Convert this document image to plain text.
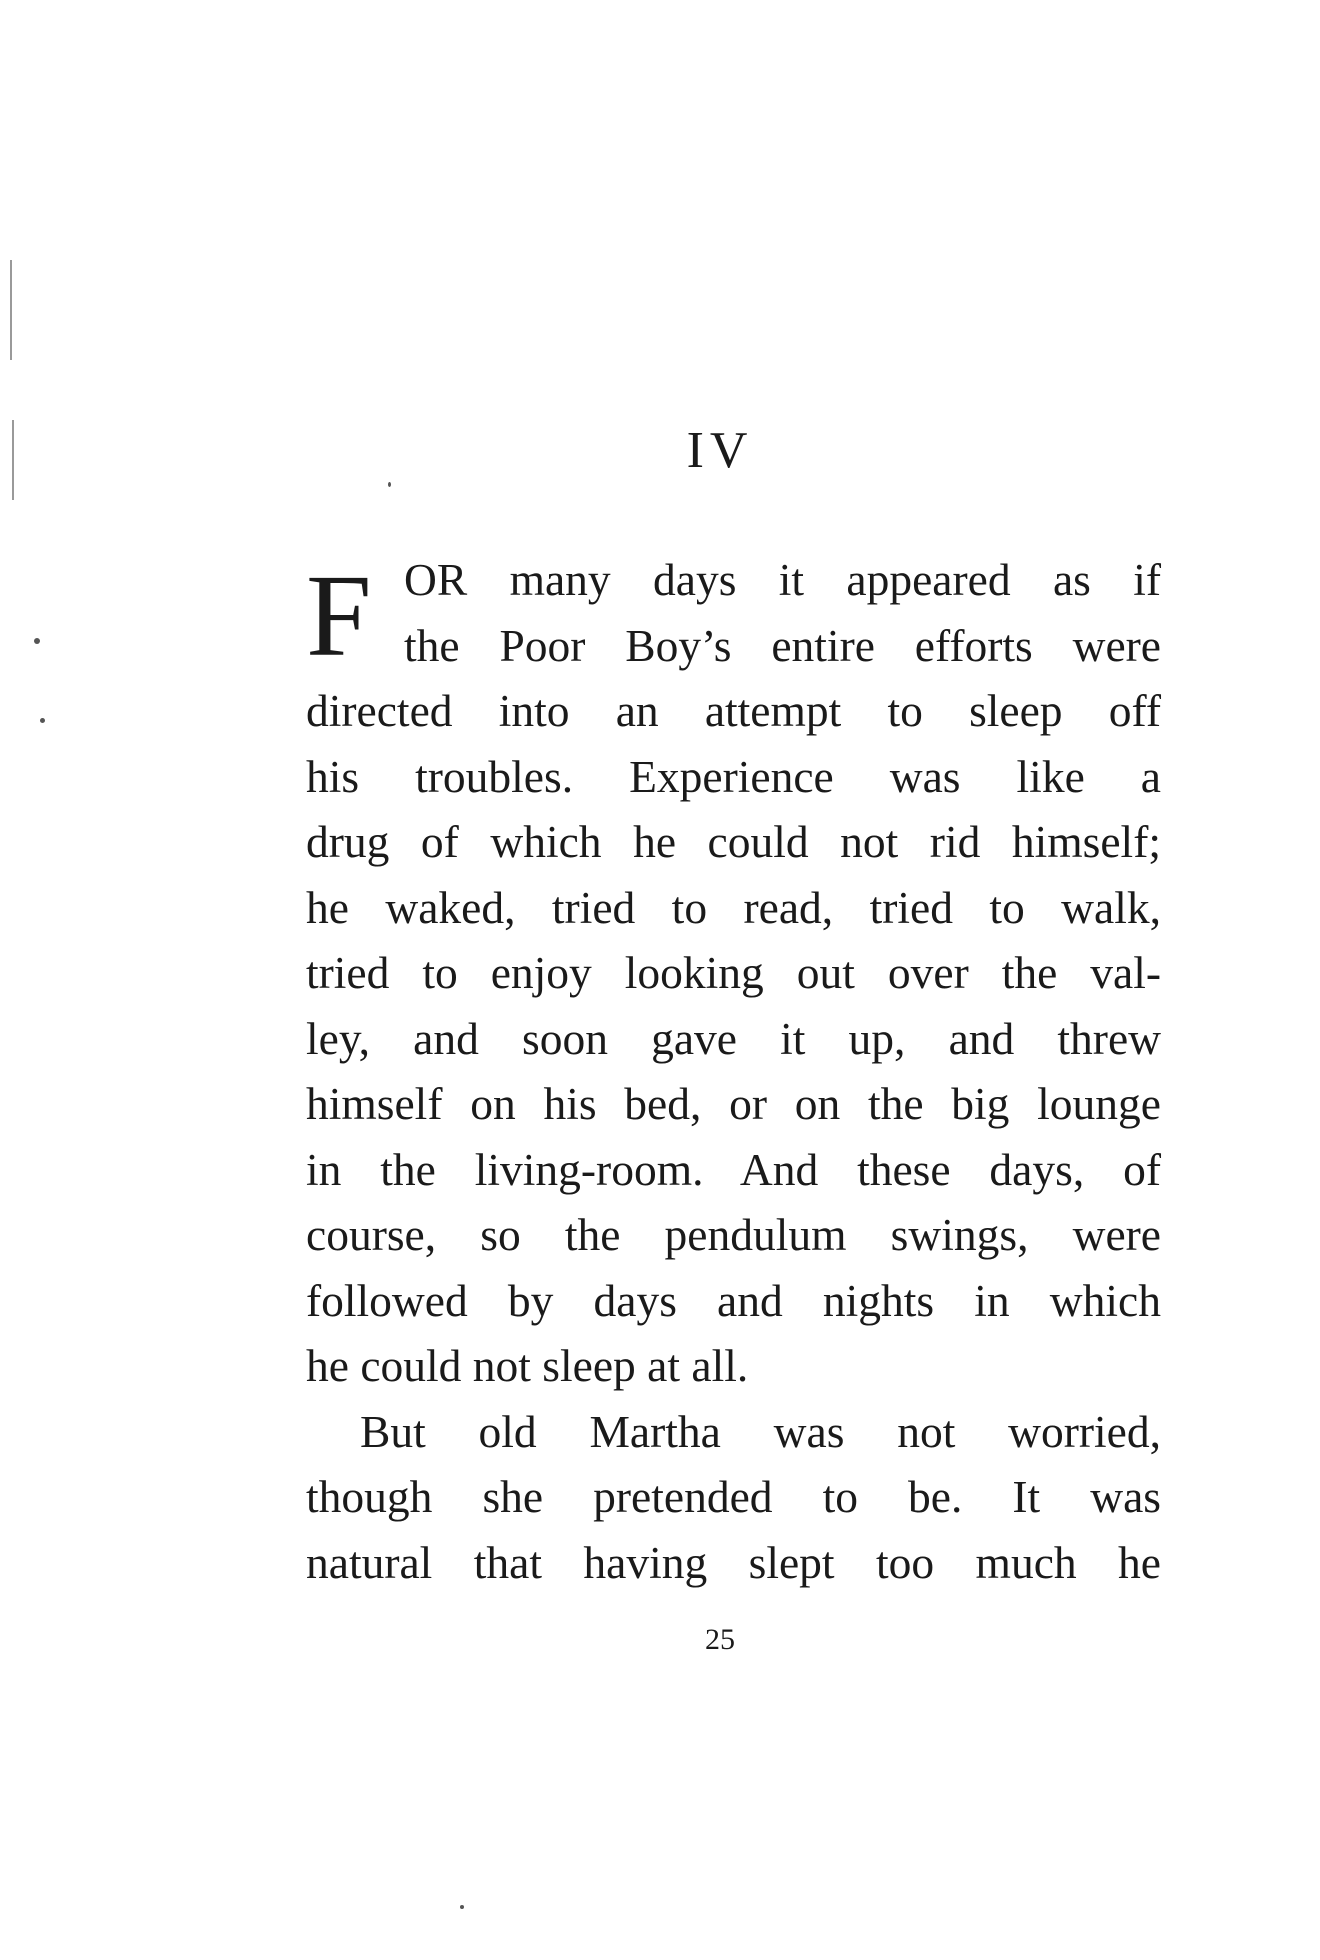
IV
F OR many days it appeared as if
the Poor Boy’s entire efforts were
directed into an attempt to sleep off
his troubles. Experience was like a
drug of which he could not rid himself;
he waked, tried to read, tried to walk,
tried to enjoy looking out over the val-
ley, and soon gave it up, and threw
himself on his bed, or on the big lounge
in the living-room. And these days, of
course, so the pendulum swings, were
followed by days and nights in which
he could not sleep at all.
But old Martha was not worried,
though she pretended to be. It was
natural that having slept too much he
25
